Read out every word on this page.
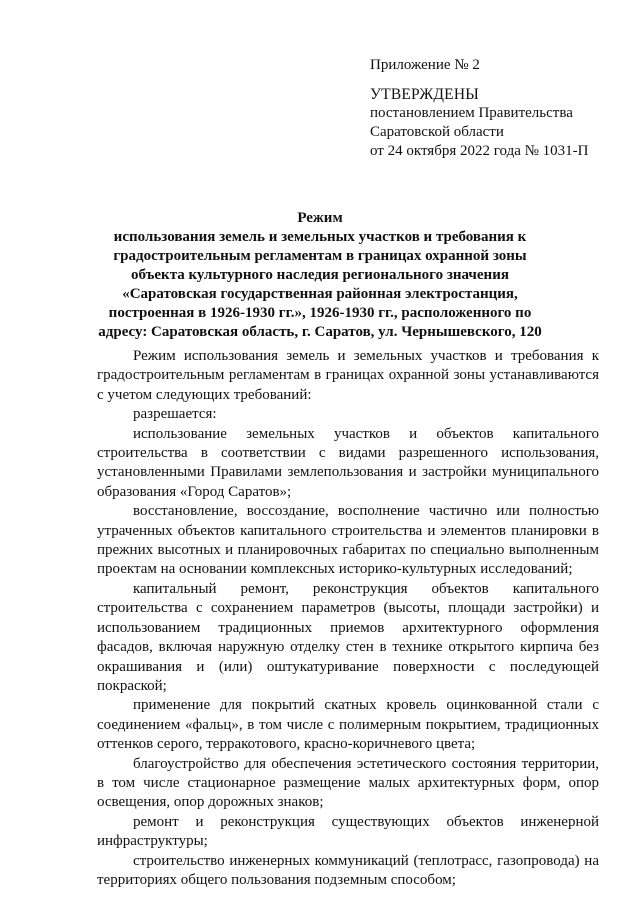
Приложение № 2
УТВЕРЖДЕНЫ
постановлением Правительства
Саратовской области
от 24 октября 2022 года № 1031-П
Режим
использования земель и земельных участков и требования к градостроительным регламентам в границах охранной зоны объекта культурного наследия регионального значения «Саратовская государственная районная электростанция, построенная в 1926-1930 гг.», 1926-1930 гг., расположенного по адресу: Саратовская область, г. Саратов, ул. Чернышевского, 120

Режим использования земель и земельных участков и требования к градостроительным регламентам в границах охранной зоны устанавливаются с учетом следующих требований:

разрешается:

использование земельных участков и объектов капитального строительства в соответствии с видами разрешенного использования, установленными Правилами землепользования и застройки муниципального образования «Город Саратов»;

восстановление, воссоздание, восполнение частично или полностью утраченных объектов капитального строительства и элементов планировки в прежних высотных и планировочных габаритах по специально выполненным проектам на основании комплексных историко-культурных исследований;

капитальный ремонт, реконструкция объектов капитального строительства с сохранением параметров (высоты, площади застройки) и использованием традиционных приемов архитектурного оформления фасадов, включая наружную отделку стен в технике открытого кирпича без окрашивания и (или) оштукатуривание поверхности с последующей покраской;

применение для покрытий скатных кровель оцинкованной стали с соединением «фальц», в том числе с полимерным покрытием, традиционных оттенков серого, терракотового, красно-коричневого цвета;

благоустройство для обеспечения эстетического состояния территории, в том числе стационарное размещение малых архитектурных форм, опор освещения, опор дорожных знаков;

ремонт и реконструкция существующих объектов инженерной инфраструктуры;

строительство инженерных коммуникаций (теплотрасс, газопровода) на территориях общего пользования подземным способом;
